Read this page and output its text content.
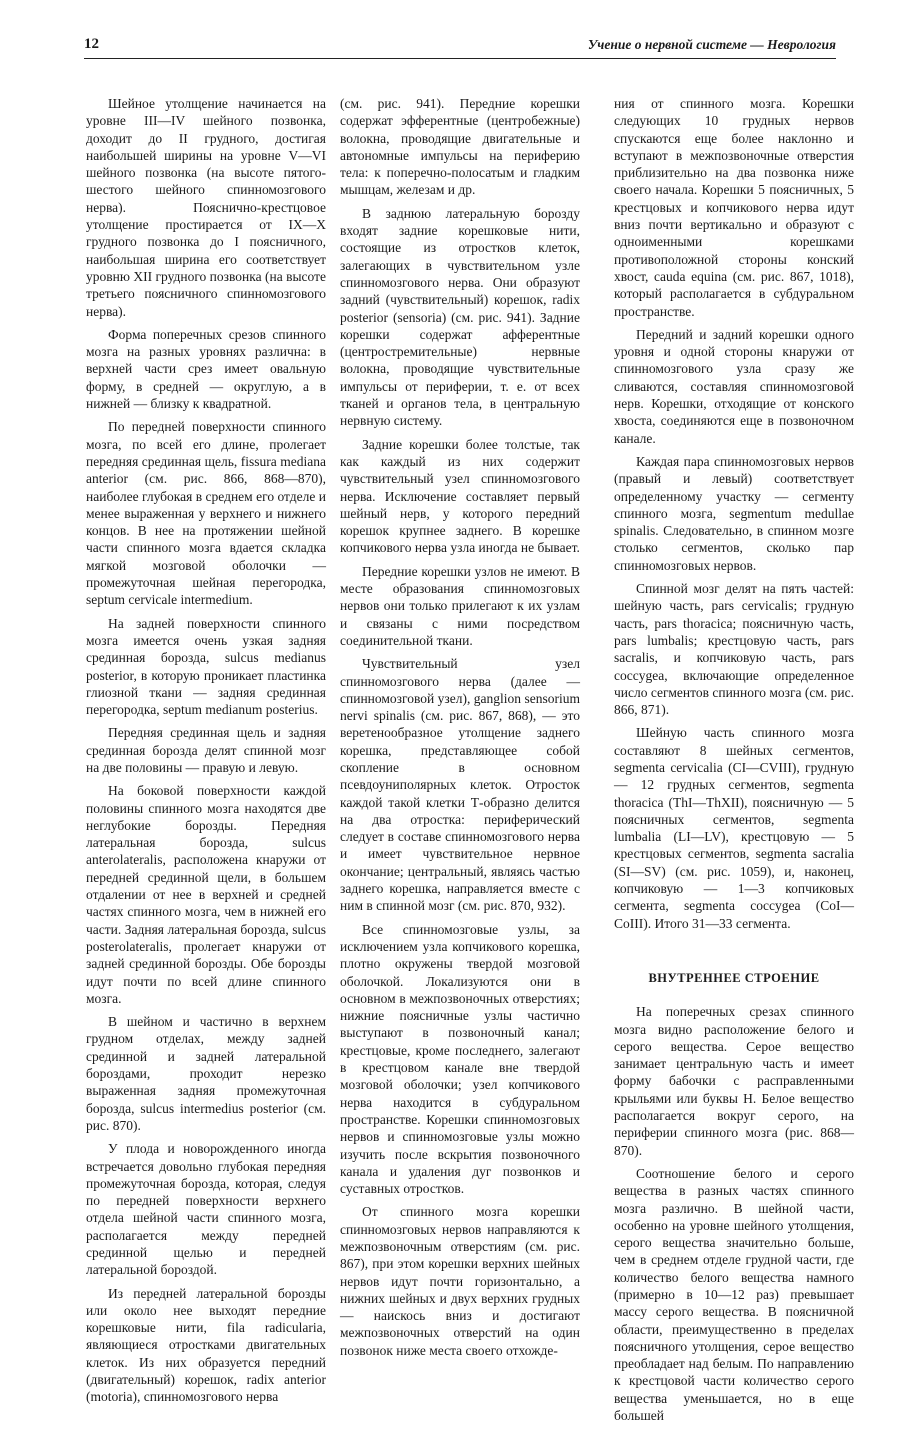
12	Учение о нервной системе — Неврология

Шейное утолщение начинается на уровне III—IV шейного позвонка, доходит до II грудного, достигая наибольшей ширины на уровне V—VI шейного позвонка (на высоте пятого-шестого шейного спинномозгового нерва). Пояснично-крестцовое утолщение простирается от IX—X грудного позвонка до I поясничного, наибольшая ширина его соответствует уровню XII грудного позвонка (на высоте третьего поясничного спинномозгового нерва).

Форма поперечных срезов спинного мозга на разных уровнях различна: в верхней части срез имеет овальную форму, в средней — округлую, а в нижней — близку к квадратной.

По передней поверхности спинного мозга, по всей его длине, пролегает передняя срединная щель, fissura mediana anterior (см. рис. 866, 868—870), наиболее глубокая в среднем его отделе и менее выраженная у верхнего и нижнего концов. В нее на протяжении шейной части спинного мозга вдается складка мягкой мозговой оболочки — промежуточная шейная перегородка, septum cervicale intermedium.

На задней поверхности спинного мозга имеется очень узкая задняя срединная борозда, sulcus medianus posterior, в которую проникает пластинка глиозной ткани — задняя срединная перегородка, septum medianum posterius.

Передняя срединная щель и задняя срединная борозда делят спинной мозг на две половины — правую и левую.

На боковой поверхности каждой половины спинного мозга находятся две неглубокие борозды. Передняя латеральная борозда, sulcus anterolateralis, расположена кнаружи от передней срединной щели, в большем отдалении от нее в верхней и средней частях спинного мозга, чем в нижней его части. Задняя латеральная борозда, sulcus posterolateralis, пролегает кнаружи от задней срединной борозды. Обе борозды идут почти по всей длине спинного мозга.

В шейном и частично в верхнем грудном отделах, между задней срединной и задней латеральной бороздами, проходит нерезко выраженная задняя промежуточная борозда, sulcus intermedius posterior (см. рис. 870).

У плода и новорожденного иногда встречается довольно глубокая передняя промежуточная борозда, которая, следуя по передней поверхности верхнего отдела шейной части спинного мозга, располагается между передней срединной щелью и передней латеральной бороздой.

Из передней латеральной борозды или около нее выходят передние корешковые нити, fila radicularia, являющиеся отростками двигательных клеток. Из них образуется передний (двигательный) корешок, radix anterior (motoria), спинномозгового нерва

(см. рис. 941). Передние корешки содержат эфферентные (центробежные) волокна, проводящие двигательные и автономные импульсы на периферию тела: к поперечно-полосатым и гладким мышцам, железам и др.

В заднюю латеральную борозду входят задние корешковые нити, состоящие из отростков клеток, залегающих в чувствительном узле спинномозгового нерва. Они образуют задний (чувствительный) корешок, radix posterior (sensoria) (см. рис. 941). Задние корешки содержат афферентные (центростремительные) нервные волокна, проводящие чувствительные импульсы от периферии, т. е. от всех тканей и органов тела, в центральную нервную систему.

Задние корешки более толстые, так как каждый из них содержит чувствительный узел спинномозгового нерва. Исключение составляет первый шейный нерв, у которого передний корешок крупнее заднего. В корешке копчикового нерва узла иногда не бывает.

Передние корешки узлов не имеют. В месте образования спинномозговых нервов они только прилегают к их узлам и связаны с ними посредством соединительной ткани.

Чувствительный узел спинномозгового нерва (далее — спинномозговой узел), ganglion sensorium nervi spinalis (см. рис. 867, 868), — это веретенообразное утолщение заднего корешка, представляющее собой скопление в основном псевдоуниполярных клеток. Отросток каждой такой клетки Т-образно делится на два отростка: периферический следует в составе спинномозгового нерва и имеет чувствительное нервное окончание; центральный, являясь частью заднего корешка, направляется вместе с ним в спинной мозг (см. рис. 870, 932).

Все спинномозговые узлы, за исключением узла копчикового корешка, плотно окружены твердой мозговой оболочкой. Локализуются они в основном в межпозвоночных отверстиях; нижние поясничные узлы частично выступают в позвоночный канал; крестцовые, кроме последнего, залегают в крестцовом канале вне твердой мозговой оболочки; узел копчикового нерва находится в субдуральном пространстве. Корешки спинномозговых нервов и спинномозговые узлы можно изучить после вскрытия позвоночного канала и удаления дуг позвонков и суставных отростков.

От спинного мозга корешки спинномозговых нервов направляются к межпозвоночным отверстиям (см. рис. 867), при этом корешки верхних шейных нервов идут почти горизонтально, а нижних шейных и двух верхних грудных — наискось вниз и достигают межпозвоночных отверстий на один позвонок ниже места своего отхожде-

ния от спинного мозга. Корешки следующих 10 грудных нервов спускаются еще более наклонно и вступают в межпозвоночные отверстия приблизительно на два позвонка ниже своего начала. Корешки 5 поясничных, 5 крестцовых и копчикового нерва идут вниз почти вертикально и образуют с одноименными корешками противоположной стороны конский хвост, cauda equina (см. рис. 867, 1018), который располагается в субдуральном пространстве.

Передний и задний корешки одного уровня и одной стороны кнаружи от спинномозгового узла сразу же сливаются, составляя спинномозговой нерв. Корешки, отходящие от конского хвоста, соединяются еще в позвоночном канале.

Каждая пара спинномозговых нервов (правый и левый) соответствует определенному участку — сегменту спинного мозга, segmentum medullae spinalis. Следовательно, в спинном мозге столько сегментов, сколько пар спинномозговых нервов.

Спинной мозг делят на пять частей: шейную часть, pars cervicalis; грудную часть, pars thoracica; поясничную часть, pars lumbalis; крестцовую часть, pars sacralis, и копчиковую часть, pars coccygea, включающие определенное число сегментов спинного мозга (см. рис. 866, 871).

Шейную часть спинного мозга составляют 8 шейных сегментов, segmenta cervicalia (CI—CVIII), грудную — 12 грудных сегментов, segmenta thoracica (ThI—ThXII), поясничную — 5 поясничных сегментов, segmenta lumbalia (LI—LV), крестцовую — 5 крестцовых сегментов, segmenta sacralia (SI—SV) (см. рис. 1059), и, наконец, копчиковую — 1—3 копчиковых сегмента, segmenta coccygea (CoI—CoIII). Итого 31—33 сегмента.

ВНУТРЕННЕЕ СТРОЕНИЕ

На поперечных срезах спинного мозга видно расположение белого и серого вещества. Серое вещество занимает центральную часть и имеет форму бабочки с расправленными крыльями или буквы Н. Белое вещество располагается вокруг серого, на периферии спинного мозга (рис. 868—870).

Соотношение белого и серого вещества в разных частях спинного мозга различно. В шейной части, особенно на уровне шейного утолщения, серого вещества значительно больше, чем в среднем отделе грудной части, где количество белого вещества намного (примерно в 10—12 раз) превышает массу серого вещества. В поясничной области, преимущественно в пределах поясничного утолщения, серое вещество преобладает над белым. По направлению к крестцовой части количество серого вещества уменьшается, но в еще большей
